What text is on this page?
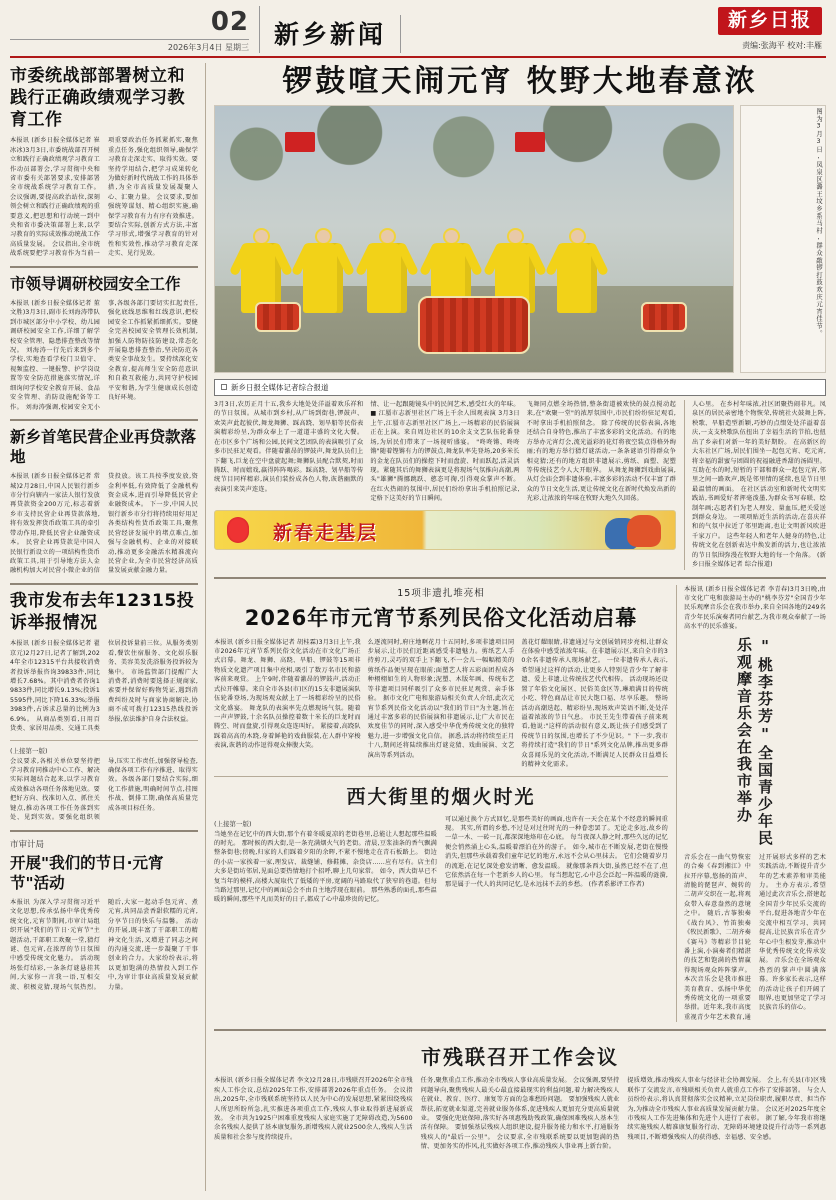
02
2026年3月4日 星期三	新乡新闻	新乡日报
责编:张海平 校对:丰雁
市委统战部部署树立和践行正确政绩观学习教育工作
本报讯 (新乡日报全媒体记者 崔冰冰)3月3日,市委统战部召开树立和践行正确政绩观学习教育工作动员部署会,学习贯彻中央和省市委有关部署要求,安排部署全市统战系统学习教育工作。 会议强调,要提高政治站位,深刻领会树立和践行正确政绩观的重要意义,把思想和行动统一到中央和省市委决策部署上来,以学习教育的实际成效推动统战工作高质量发展。 会议指出,全市统战系统要把学习教育作为当前一项重要政治任务抓紧抓实,聚焦重点任务,强化组织领导,确保学习教育走深走实、取得实效。要坚持学用结合,把学习成果转化为做好新时代统战工作的具体举措,为全市高质量发展凝聚人心、汇聚力量。 会议要求,要加强统筹谋划、精心组织实施,确保学习教育有力有序有效推进。要结合实际,创新方式方法,丰富学习形式,增强学习教育的针对性和实效性,推动学习教育走深走实、见行见效。
市领导调研校园安全工作
本报讯 (新乡日报全媒体记者 董文胜)3月3日,副市长刘海涛带队到市城区部分中小学校、幼儿园调研校园安全工作,详细了解学校安全管理、隐患排查整改等情况。 刘海涛一行先后来到多个学校,实地查看学校门卫值守、视频监控、一键报警、护学岗设置等安全防范措施落实情况,详细询问学校安全教育开展、食品安全管理、消防设施配备等工作。 刘海涛强调,校园安全无小事,各级各部门要切实扛起责任,强化底线思维和红线意识,把校园安全工作抓紧抓细抓实。要健全完善校园安全管理长效机制,加强人防物防技防建设,常态化开展隐患排查整治,坚决防范各类安全事故发生。要持续深化安全教育,提高师生安全防范意识和自救互救能力,共同守护校园平安和谐,为学生健康成长创造良好环境。
新乡首笔民营企业再贷款落地
本报讯 (新乡日报全媒体记者 常城)2月28日,中国人民银行新乡市分行向辖内一家法人银行发放再贷款资金200万元,标志着新乡市支持民营企业再贷款落地,将有效发挥货币政策工具的牵引带动作用,降低民营企业融资成本。 民营企业再贷款是中国人民银行新设立的一项结构性货币政策工具,用于引导地方法人金融机构加大对民营小微企业的信贷投放。该工具按季度发放,资金利率低,有效降低了金融机构资金成本,进而引导降低民营企业融资成本。 下一步,中国人民银行新乡市分行将持续用好用足各类结构性货币政策工具,聚焦民营经济发展中的堵点难点,加强与金融机构、企业的对接联动,推动更多金融活水精准流向民营企业,为全市民营经济高质量发展贡献金融力量。
我市发布去年12315投诉举报情况
本报讯 (新乡日报全媒体记者 翟京元)2月27日,记者了解到,2024年全市12315平台共接收消费者投诉举报咨询39833件,同比增长7.68%。其中消费者咨询19833件,同比增长9.13%;投诉15595件,同比下降16.33%;举报3983件,占诉求总量的比例为36.9%。 从商品类别看,日用百货类、家居用品类、交通工具类位居投诉量前三位。从服务类别看,餐饮住宿服务、文化娱乐服务、美容美发洗浴服务投诉较为集中。 市场监管部门提醒广大消费者,消费时要选择正规商家,索要并保留好购物凭证,遇到消费纠纷及时与商家协商解决,协商不成可拨打12315热线投诉举报,依法维护自身合法权益。
(上接第一版)
会议要求,各相关单位要坚持把学习教育同推动中心工作、解决实际问题结合起来,以学习教育成效推动各项任务落地见效。要把好方向、找准切入点、抓住关键点,推动各项工作任务落到实处、见到实效。要强化组织领导,压实工作责任,加强督导检查,确保各项工作有序推进、取得实效。各级各部门要结合实际,细化工作措施,明确时间节点,挂图作战、倒排工期,确保高质量完成各项目标任务。
市审计局
开展"我们的节日·元宵节"活动
本报讯 为深入学习贯彻习近平文化思想,传承弘扬中华优秀传统文化,元宵节期间,市审计局组织开展"我们的节日·元宵节"主题活动,干部职工欢聚一堂,猜灯谜、包元宵,在浓厚的节日氛围中感受传统文化魅力。 活动现场张灯结彩,一条条灯谜悬挂其间,大家你一言我一语,互相交流、积极竞猜,现场气氛热烈。随后,大家一起动手包元宵、煮元宵,共同品尝香甜软糯的元宵,分享节日的快乐与温馨。 活动的开展,既丰富了干部职工的精神文化生活,又增进了同志之间的沟通交流,进一步凝聚了干事创业的合力。大家纷纷表示,将以更加饱满的热情投入到工作中,为审计事业高质量发展贡献力量。
锣鼓喧天闹元宵 牧野大地春意浓
图为3月3日,凤泉区潞王坟乡系马村,群众敲锣打鼓欢庆元宵佳节。
新乡日报全媒体记者综合报道
3月3日,农历正月十五,我乡大地处处洋溢着欢乐祥和的节日氛围。从城市到乡村,从广场到街巷,锣鼓声、欢笑声此起彼伏,舞龙舞狮、踩高跷、划旱船等民俗表演精彩纷呈,为群众奉上了一道道丰盛的文化大餐。 在市区多个广场和公园,民间文艺团队的表演吸引了众多市民驻足观看。伴随着激昂的锣鼓声,舞龙队员们上下翻飞,巨龙在空中盘旋起舞;舞狮队员配合默契,时而腾跃、时而嬉戏,赢得阵阵喝彩。踩高跷、划旱船等传统节目同样精彩,演员们装扮成各色人物,诙谐幽默的表演引来笑声连连。
情、让一起跟随镜头中的民间艺术,感受红火的年味。 ■ 江蜃市志新里社区广场上千余人围观表演 3月3日上午,江蜃市志新里社区广场上,一场精彩的民俗展演正在上演。来自周边社区的10余支文艺队伍轮番登场,为居民们带来了一场视听盛宴。 "咚咚锵、咚咚锵"随着铿锵有力的锣鼓点,舞龙队率先登场,20多米长的金龙在队员们的操控下时而盘旋、时而跃起,活灵活现。紧随其后的舞狮表演更是将现场气氛推向高潮,两头"雄狮"腾挪跳跃、憨态可掬,引得观众掌声不断。 在红火热闹的氛围中,居民们纷纷拿出手机拍照记录,定格下这美好的节日瞬间。
飞舞同点燃全场热情,整条街道被欢快的鼓点搅动起来,在"欢聚一堂"的浓厚氛围中,市民们纷纷驻足观看,不时拿出手机拍照留念。 除了传统的民俗表演,各地还结合自身特色,推出了丰富多彩的文化活动。有的地方举办元宵灯会,流光溢彩的花灯将夜空装点得格外绚丽;有的地方举行猜灯谜活动,一条条谜语引得群众争相竞猜;还有的地方组织非遗展示,剪纸、面塑、泥塑等传统技艺令人大开眼界。 从舞龙舞狮到戏曲展演,从灯会庙会到非遗体验,丰富多彩的活动不仅丰富了群众的节日文化生活,更让传统文化在新时代焕发出新的光彩,让浓浓的年味在牧野大地久久回荡。
新春走基层
人心里。 在乡村年味浓,社区团聚热闹非凡。凤泉区的居民亲密地个物恢荣,传统社火鼓舞上阵,秧歌、旱船造型新颖,巧妙的点缀处处洋溢着喜庆,一支支秧歌队伍扭出了幸福生活的节拍,也扭出了乡亲们对新一年的美好期盼。 在高新区的大东社区广场,居民们围坐一起包元宵、吃元宵,将幸福的甜蜜与团圆的祝福融进香甜的汤圆里。 互助在水的时,短暂的干部和群众一起包元宵,邻里之间一路欢声,既是邻里情的延续,也是节日里最温情的画面。 在社区活动室和新时代文明实践站,书画爱好者挥毫泼墨,为群众书写春联、绘制年画;志愿者们为老人理发、量血压,把关爱送到群众身边。 一项项贴近生活的活动,在喜庆祥和的气氛中拉近了邻里距离,也让文明新风吹进千家万户。 这些年轻人和老年人健身的特色,让传统文化在创新表达中焕发新的活力,也让浓浓的节日氛围弥漫在牧野大地的每一个角落。 (新乡日报全媒体记者 综合报道)
15项非遗扎堆亮相
2026年市元宵节系列民俗文化活动启幕
本报讯 (新乡日报全媒体记者 胡桂霖)3月3日上午,我市2026年元宵节系列民俗文化活动在市文化广场正式启幕。舞龙、舞狮、高跷、旱船、锣鼓等15项非物质文化遗产项目集中亮相,吸引了数万名市民和游客前来观赏。 上午9时,伴随着激昂的锣鼓声,活动正式拉开帷幕。来自全市各县(市)区的15支非遗展演队伍轮番登场,为现场观众献上了一场精彩纷呈的民俗文化盛宴。 舞龙队的表演率先点燃现场气氛。随着一声声锣鼓,十余名队员操控着数十米长的巨龙时而腾空、时而盘旋,引得观众连连叫好。 紧接着,高跷队踩着高高的木跷,身着鲜艳的戏曲服装,在人群中穿梭表演,诙谐的动作逗得观众捧腹大笑。
么逐流同时,府庄地啊花月十五同时,多项非遗项目同步展示,让市民们近距离感受非遗魅力。剪纸艺人手持剪刀,灵巧的双手上下翻飞,不一会儿一幅幅精美的剪纸作品便呈现在眼前;面塑艺人将五彩面团捏成各种栩栩如生的人物形象;泥塑、木版年画、传统布艺等非遗项目同样吸引了众多市民驻足观赏、亲手体验。 据市文化广电和旅游局相关负责人介绍,此次元宵节系列民俗文化活动以"我们的节日"为主题,旨在通过丰富多彩的民俗展演和非遗展示,让广大市民在欢度佳节的同时,深入感受中华优秀传统文化的独特魅力,进一步增强文化自信。 据悉,活动将持续至正月十八,期间还将陆续推出灯谜竞猜、戏曲展演、文艺演出等系列活动。
盖花灯耀眼睛,非遗通过与文创展销同步亮相,让群众在体验中感受浓浓年味。在非遗展示区,来自全市的30余名非遗传承人现场献艺。 一位非遗传承人表示,希望通过这样的活动,让更多人特别是青少年了解非遗、爱上非遗,让传统技艺代代相传。 活动现场还设置了年俗文化展区、民俗美食区等,琳琅满目的传统小吃、特色商品让市民大饱口福、尽享乐趣。 整场活动高潮迭起、精彩纷呈,现场欢声笑语不断,处处洋溢着浓浓的节日气息。 市民王先生带着孩子前来观看,他说:"这样的活动很有意义,既让孩子们感受到了传统节日的氛围,也增长了不少见识。" 下一步,我市将持续打造"我们的节日"系列文化品牌,推出更多群众喜闻乐见的文化活动,不断满足人民群众日益增长的精神文化需求。
西大街里的烟火时光
(上接第一版)
当她坐在记忆中的西大街,那个有着冬暖夏凉的老街巷里,总能让人想起那些温暖的时光。 那时候的西大街,是一条充满烟火气的老街。清晨,豆浆油条的香气飘满整条街巷;傍晚,归家的人们踩着夕阳的余晖,不紧不慢地走在青石板路上。 街边的小店一家挨着一家,理发店、裁缝铺、修鞋摊、杂货店……应有尽有。店主们大多是街坊邻居,见面总要热情地打个招呼,聊上几句家常。 如今，西大街早已不复当年的模样,高楼大厦取代了低矮的平房,宽阔的马路取代了狭窄的巷道。但每当路过那里,记忆中的画面总会不由自主地浮现在眼前。 那些熟悉的面孔,那些温暖的瞬间,那些平凡而美好的日子,都成了心中最珍贵的记忆。
可以通过换个方式回忆,是那些美好的画面,也许有一天会在某个不经意的瞬间重现。 其实,所谓的乡愁,不过是对过往时光的一种眷恋罢了。无论走多远,故乡的一草一木、一砖一瓦,都深深地烙印在心底。 每当夜深人静之时,那些久远的记忆便会悄然涌上心头,温暖着漂泊在外的游子。 如今,城市在不断发展,老街在慢慢消失,但那些承载着我们童年记忆的地方,永远不会从心里抹去。 它们会随着岁月的流逝,在记忆深处愈发清晰、愈发温暖。 就像那条西大街,虽然已经不在了,但它依然活在每一个老新乡人的心里。 每当想起它,心中总会泛起一阵温暖的涟漪,那是属于一代人的共同记忆,是永远抹不去的乡愁。 (作者系影评工作者)
本报讯 (新乡日报全媒体记者 李青春)3月3日晚,由市文化广电和旅游局主办的"桃李芬芳"全国青少年民乐观摩音乐会在我市举办,来自全国各地的249名青少年民乐演奏者同台献艺,为我市观众奉献了一场高水平的民乐盛宴。
"桃李芬芳"全国青少年民乐观摩音乐会在我市举办
音乐会在一曲气势恢宏的合奏《春到湘江》中拉开序幕,悠扬的笛声、清脆的琵琶声、婉转的二胡声交织在一起,将观众带入春意盎然的意境之中。 随后,古筝独奏《战台风》、竹笛独奏《牧民新歌》、二胡齐奏《赛马》等精彩节目轮番上演,小演奏者们精湛的技艺和饱满的热情赢得现场观众阵阵掌声。 本次音乐会是我市推进美育教育、弘扬中华优秀传统文化的一项重要举措。近年来,我市高度重视青少年艺术教育,通过开展形式多样的艺术实践活动,不断提升青少年的艺术素养和审美能力。 主办方表示,希望通过此次音乐会,搭建起全国青少年民乐交流的平台,促进各地青少年在交流中相互学习、共同提高,让民族音乐在青少年心中生根发芽,推动中华优秀传统文化传承发展。 音乐会在全场观众热烈的掌声中圆满落幕。许多家长表示,这样的活动让孩子们开阔了眼界,也更加坚定了学习民族音乐的信心。
市残联召开工作会议
本报讯 (新乡日报全媒体记者 李文)2月28日,市残联召开2026年全市残疾人工作会议,总结2025年工作,安排部署2026年重点任务。 会议指出,2025年,全市残联系统坚持以人民为中心的发展思想,紧紧围绕残疾人所思所盼所急,扎实推进各项重点工作,残疾人事业取得新进展新成效。 全市共为1925户困难重度残疾人家庭实施了无障碍改造,为5600余名残疾人提供了基本康复服务,新增残疾人就业2500余人,残疾人生活质量和社会参与度持续提升。
任务,聚焦重点工作,推动全市残疾人事业高质量发展。 会议强调,要坚持问题导向,聚焦残疾人最关心最直接最现实的利益问题,着力解决残疾人在就业、教育、医疗、康复等方面的急难愁盼问题。 要加强残疾人就业帮扶,拓宽就业渠道,完善就业服务体系,促进残疾人更加充分更高质量就业。 要强化兜底保障,落实好各项惠残助残政策,确保困难残疾人基本生活有保障。 要加强基层残疾人组织建设,提升服务能力和水平,打通服务残疾人的"最后一公里"。 会议要求,全市残联系统要以更加饱满的热情、更加务实的作风,扎实做好各项工作,推动残疾人事业再上新台阶。
提质增效,推动残疾人事业与经济社会协调发展。 会上,有关县(市)区残联作了交流发言,市残联相关负责人就重点工作作了安排部署。 与会人员纷纷表示,将认真贯彻落实会议精神,立足岗位职责,履职尽责、担当作为,为推动全市残疾人事业高质量发展贡献力量。 会议还对2025年度全市残疾人工作先进集体和先进个人进行了表彰。 据了解,今年我市将继续实施残疾人精准康复服务行动、无障碍环境建设提升行动等一系列惠残项目,不断增强残疾人的获得感、幸福感、安全感。
